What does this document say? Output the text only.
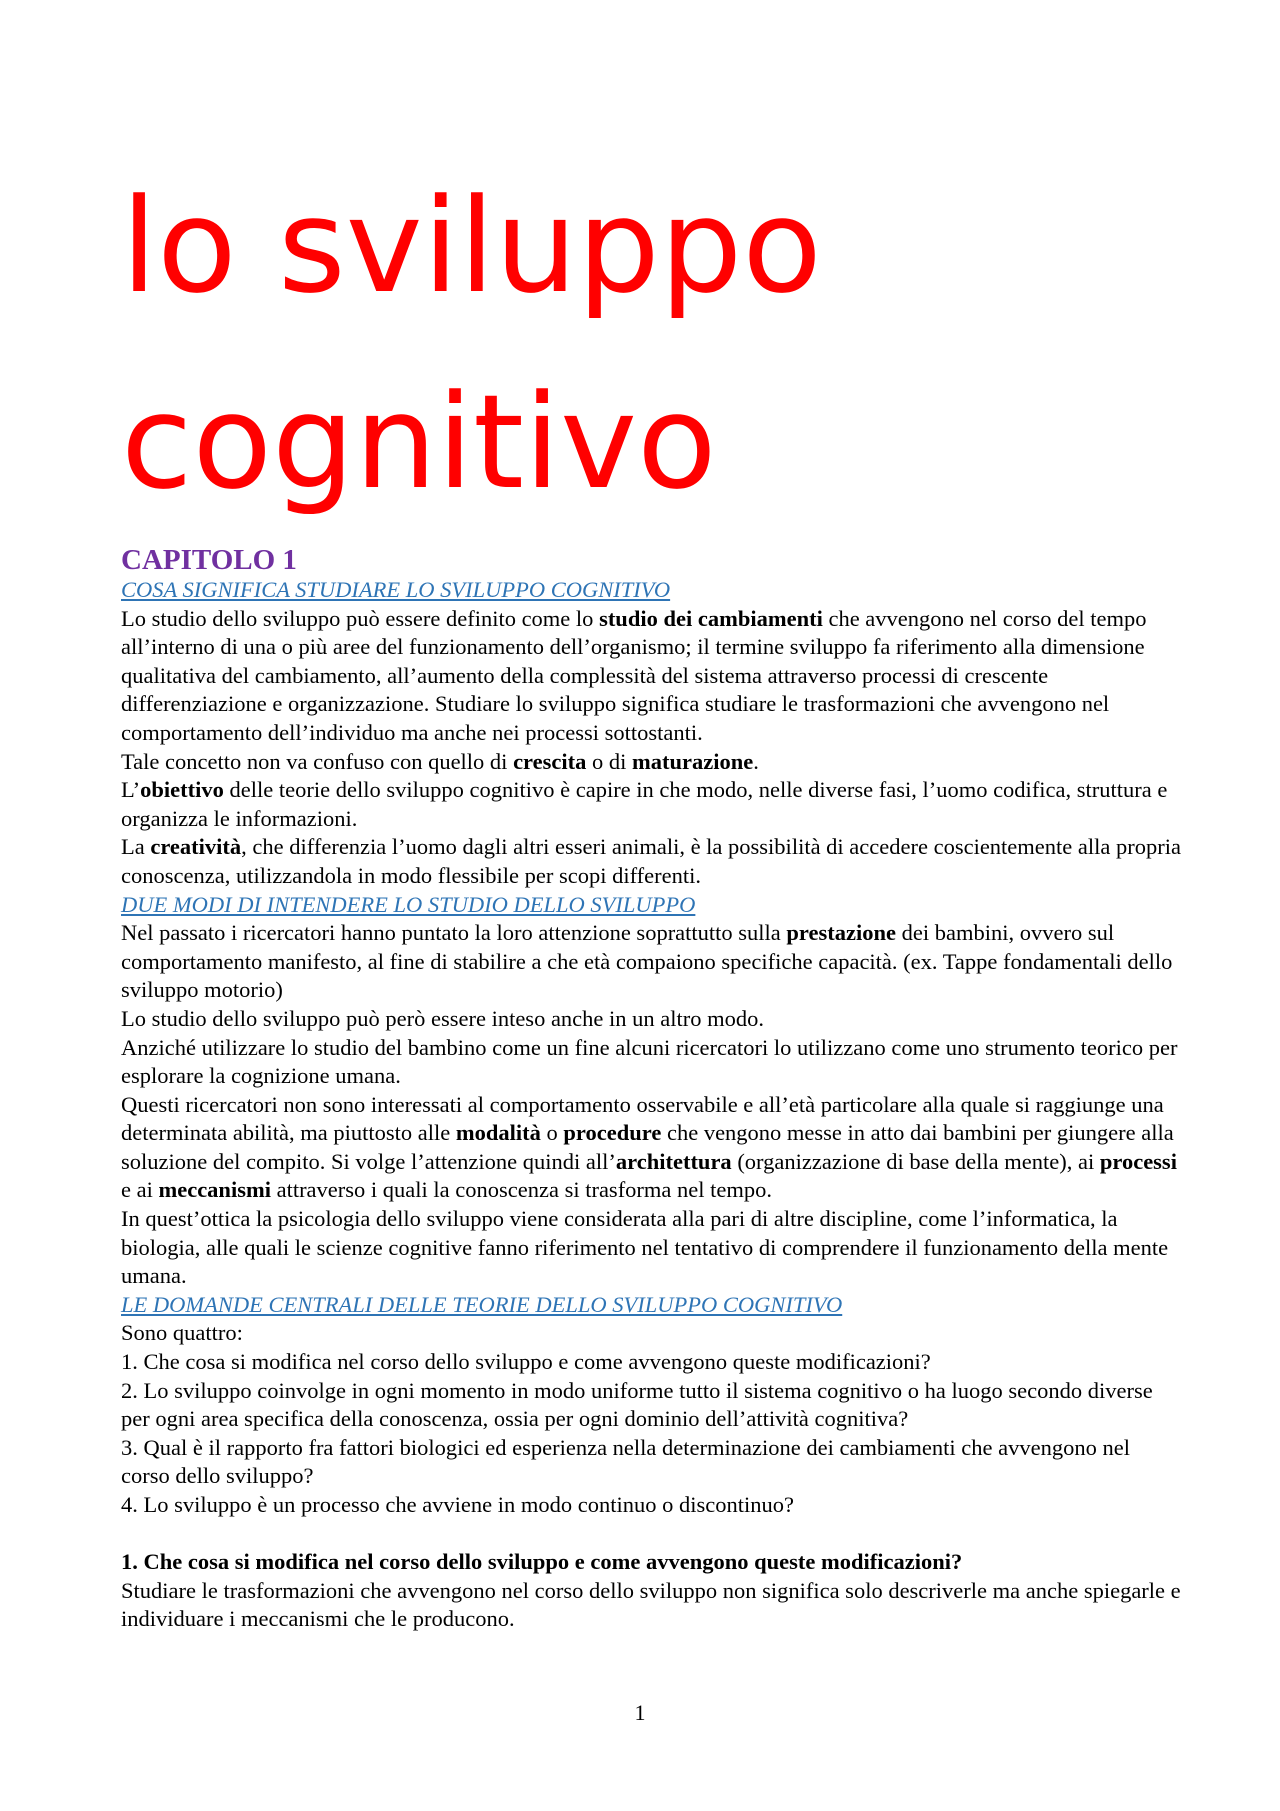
lo sviluppo
cognitivo
CAPITOLO 1
COSA SIGNIFICA STUDIARE LO SVILUPPO COGNITIVO

Lo studio dello sviluppo può essere definito come lo studio dei cambiamenti che avvengono nel corso del tempo all’interno di una o più aree del funzionamento dell’organismo; il termine sviluppo fa riferimento alla dimensione qualitativa del cambiamento, all’aumento della complessità del sistema attraverso processi di crescente differenziazione e organizzazione. Studiare lo sviluppo significa studiare le trasformazioni che avvengono nel comportamento dell’individuo ma anche nei processi sottostanti.

Tale concetto non va confuso con quello di crescita o di maturazione.

L’obiettivo delle teorie dello sviluppo cognitivo è capire in che modo, nelle diverse fasi, l’uomo codifica, struttura e organizza le informazioni.

La creatività, che differenzia l’uomo dagli altri esseri animali, è la possibilità di accedere coscientemente alla propria conoscenza, utilizzandola in modo flessibile per scopi differenti.

DUE MODI DI INTENDERE LO STUDIO DELLO SVILUPPO

Nel passato i ricercatori hanno puntato la loro attenzione soprattutto sulla prestazione dei bambini, ovvero sul comportamento manifesto, al fine di stabilire a che età compaiono specifiche capacità. (ex. Tappe fondamentali dello sviluppo motorio)

Lo studio dello sviluppo può però essere inteso anche in un altro modo.

Anziché utilizzare lo studio del bambino come un fine alcuni ricercatori lo utilizzano come uno strumento teorico per esplorare la cognizione umana.

Questi ricercatori non sono interessati al comportamento osservabile e all’età particolare alla quale si raggiunge una determinata abilità, ma piuttosto alle modalità o procedure che vengono messe in atto dai bambini per giungere alla soluzione del compito. Si volge l’attenzione quindi all’architettura (organizzazione di base della mente), ai processi e ai meccanismi attraverso i quali la conoscenza si trasforma nel tempo.

In quest’ottica la psicologia dello sviluppo viene considerata alla pari di altre discipline, come l’informatica, la biologia, alle quali le scienze cognitive fanno riferimento nel tentativo di comprendere il funzionamento della mente umana.

LE DOMANDE CENTRALI DELLE TEORIE DELLO SVILUPPO COGNITIVO

Sono quattro:

1. Che cosa si modifica nel corso dello sviluppo e come avvengono queste modificazioni?

2. Lo sviluppo coinvolge in ogni momento in modo uniforme tutto il sistema cognitivo o ha luogo secondo diverse per ogni area specifica della conoscenza, ossia per ogni dominio dell’attività cognitiva?

3. Qual è il rapporto fra fattori biologici ed esperienza nella determinazione dei cambiamenti che avvengono nel corso dello sviluppo?

4. Lo sviluppo è un processo che avviene in modo continuo o discontinuo?

1. Che cosa si modifica nel corso dello sviluppo e come avvengono queste modificazioni?

Studiare le trasformazioni che avvengono nel corso dello sviluppo non significa solo descriverle ma anche spiegarle e individuare i meccanismi che le producono.

1
